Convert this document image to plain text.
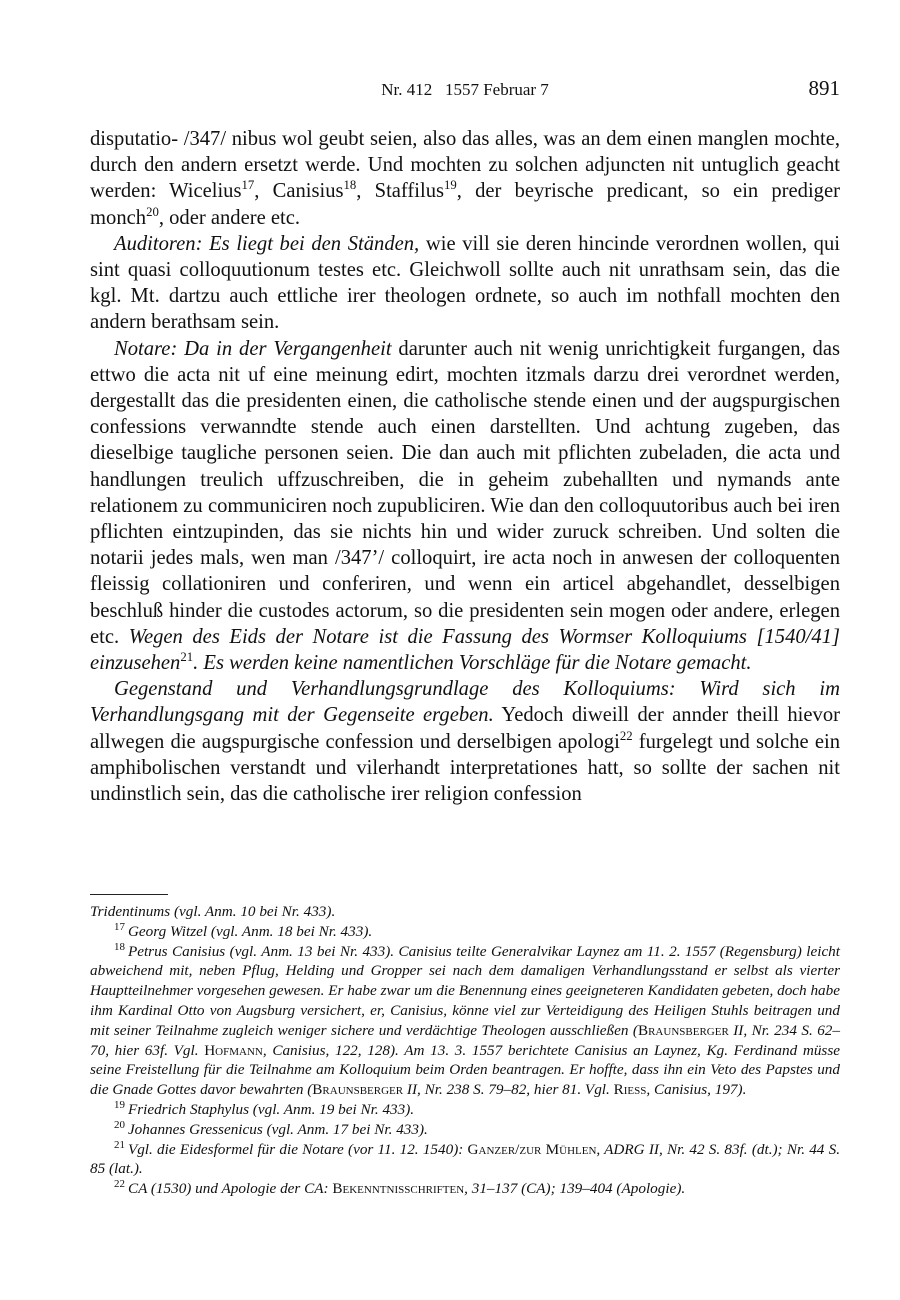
Nr. 412   1557 Februar 7	891

disputatio- /347/ nibus wol geubt seien, also das alles, was an dem einen manglen mochte, durch den andern ersetzt werde. Und mochten zu solchen adjuncten nit untuglich geacht werden: Wicelius$^{17}$, Canisius$^{18}$, Staffilus$^{19}$, der beyrische predicant, so ein prediger monch$^{20}$, oder andere etc.

Auditoren: Es liegt bei den Ständen, wie vill sie deren hincinde verordnen wollen, qui sint quasi colloquutionum testes etc. Gleichwoll sollte auch nit unrathsam sein, das die kgl. Mt. dartzu auch ettliche irer theologen ordnete, so auch im nothfall mochten den andern berathsam sein.

Notare: Da in der Vergangenheit darunter auch nit wenig unrichtigkeit furgangen, das ettwo die acta nit uf eine meinung edirt, mochten itzmals darzu drei verordnet werden, dergestallt das die presidenten einen, die catholische stende einen und der augspurgischen confessions verwanndte stende auch einen darstellten. Und achtung zugeben, das dieselbige taugliche personen seien. Die dan auch mit pflichten zubeladen, die acta und handlungen treulich uffzuschreiben, die in geheim zubehallten und nymands ante relationem zu communiciren noch zupubliciren. Wie dan den colloquutoribus auch bei iren pflichten eintzupinden, das sie nichts hin und wider zuruck schreiben. Und solten die notarii jedes mals, wen man /347’/ colloquirt, ire acta noch in anwesen der colloquenten fleissig collationiren und conferiren, und wenn ein articel abgehandlet, desselbigen beschluß hinder die custodes actorum, so die presidenten sein mogen oder andere, erlegen etc. Wegen des Eids der Notare ist die Fassung des Wormser Kolloquiums [1540/41] einzusehen$^{21}$. Es werden keine namentlichen Vorschläge für die Notare gemacht.

Gegenstand und Verhandlungsgrundlage des Kolloquiums: Wird sich im Verhandlungsgang mit der Gegenseite ergeben. Yedoch diweill der annder theill hievor allwegen die augspurgische confession und derselbigen apologi$^{22}$ furgelegt und solche ein amphibolischen verstandt und vilerhandt interpretationes hatt, so sollte der sachen nit undinstlich sein, das die catholische irer religion confession

Tridentinums (vgl. Anm. 10 bei Nr. 433).

$^{17}$ Georg Witzel (vgl. Anm. 18 bei Nr. 433).

$^{18}$ Petrus Canisius (vgl. Anm. 13 bei Nr. 433). Canisius teilte Generalvikar Laynez am 11. 2. 1557 (Regensburg) leicht abweichend mit, neben Pflug, Helding und Gropper sei nach dem damaligen Verhandlungsstand er selbst als vierter Hauptteilnehmer vorgesehen gewesen. Er habe zwar um die Benennung eines geeigneteren Kandidaten gebeten, doch habe ihm Kardinal Otto von Augsburg versichert, er, Canisius, könne viel zur Verteidigung des Heiligen Stuhls beitragen und mit seiner Teilnahme zugleich weniger sichere und verdächtige Theologen ausschließen (Braunsberger II, Nr. 234 S. 62–70, hier 63f. Vgl. Hofmann, Canisius, 122, 128). Am 13. 3. 1557 berichtete Canisius an Laynez, Kg. Ferdinand müsse seine Freistellung für die Teilnahme am Kolloquium beim Orden beantragen. Er hoffte, dass ihn ein Veto des Papstes und die Gnade Gottes davor bewahrten (Braunsberger II, Nr. 238 S. 79–82, hier 81. Vgl. Riess, Canisius, 197).

$^{19}$ Friedrich Staphylus (vgl. Anm. 19 bei Nr. 433).

$^{20}$ Johannes Gressenicus (vgl. Anm. 17 bei Nr. 433).

$^{21}$ Vgl. die Eidesformel für die Notare (vor 11. 12. 1540): Ganzer/zur Mühlen, ADRG II, Nr. 42 S. 83f. (dt.); Nr. 44 S. 85 (lat.).

$^{22}$ CA (1530) und Apologie der CA: Bekenntnisschriften, 31–137 (CA); 139–404 (Apologie).
